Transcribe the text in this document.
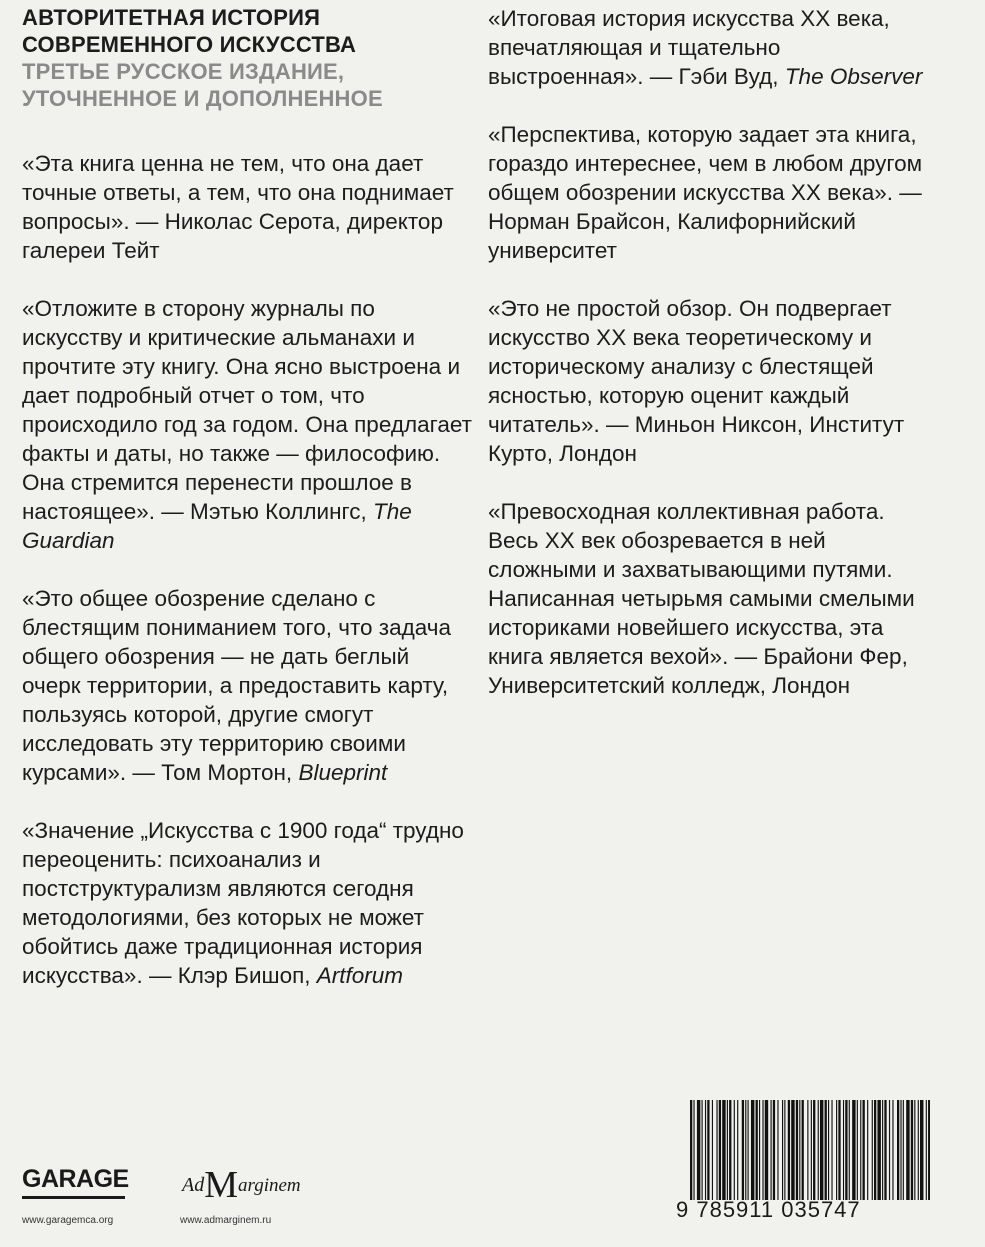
АВТОРИТЕТНАЯ ИСТОРИЯ
СОВРЕМЕННОГО ИСКУССТВА
ТРЕТЬЕ РУССКОЕ ИЗДАНИЕ,
УТОЧНЕННОЕ И ДОПОЛНЕННОЕ

«Эта книга ценна не тем, что она дает точные ответы, а тем, что она поднимает вопросы». — Николас Серота, директор галереи Тейт

«Отложите в сторону журналы по искусству и критические альманахи и прочтите эту книгу. Она ясно выстроена и дает подробный отчет о том, что происходило год за годом. Она предлагает факты и даты, но также — философию. Она стремится перенести прошлое в настоящее». — Мэтью Коллингс, The Guardian

«Это общее обозрение сделано с блестящим пониманием того, что задача общего обозрения — не дать беглый очерк территории, а предоставить карту, пользуясь которой, другие смогут исследовать эту территорию своими курсами». — Том Мортон, Blueprint

«Значение „Искусства с 1900 года“ трудно переоценить: психоанализ и постструктурализм являются сегодня методологиями, без которых не может обойтись даже традиционная история искусства». — Клэр Бишоп, Artforum

«Итоговая история искусства XX века, впечатляющая и тщательно выстроенная». — Гэби Вуд, The Observer

«Перспектива, которую задает эта книга, гораздо интереснее, чем в любом другом общем обозрении искусства XX века». — Норман Брайсон, Калифорнийский университет

«Это не простой обзор. Он подвергает искусство XX века теоретическому и историческому анализу с блестящей ясностью, которую оценит каждый читатель». — Миньон Никсон, Институт Курто, Лондон

«Превосходная коллективная работа. Весь XX век обозревается в ней сложными и захватывающими путями. Написанная четырьмя самыми смелыми историками новейшего искусства, эта книга является вехой». — Брайони Фер, Университетский колледж, Лондон

GARAGE	AdMarginem
www.garagemca.org	www.admarginem.ru	9 785911 035747
